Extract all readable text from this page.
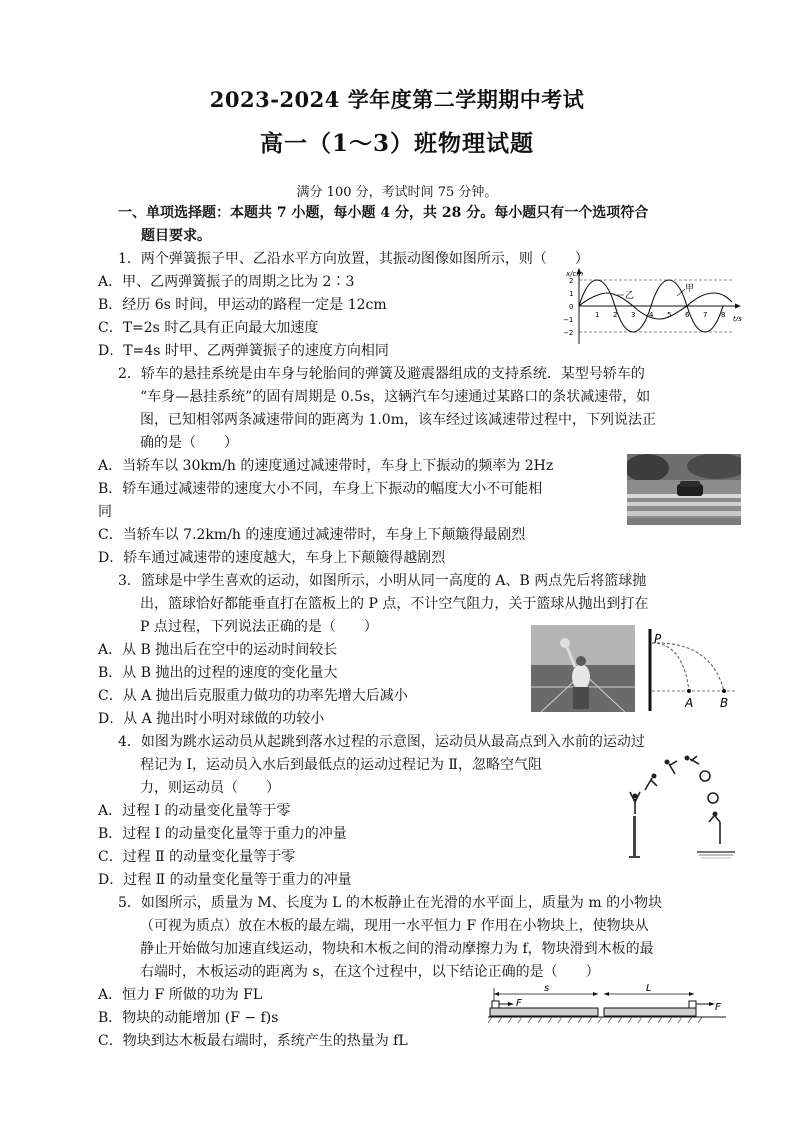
2023-2024 学年度第二学期期中考试
高一（1～3）班物理试题
满分 100 分，考试时间 75 分钟。
一、单项选择题：本题共 7 小题，每小题 4 分，共 28 分。每小题只有一个选项符合
题目要求。
1．两个弹簧振子甲、乙沿水平方向放置，其振动图像如图所示，则（　　）
A．甲、乙两弹簧振子的周期之比为 2∶3
B．经历 6s 时间，甲运动的路程一定是 12cm
C．T=2s 时乙具有正向最大加速度
D．T=4s 时甲、乙两弹簧振子的速度方向相同
x/cm
t/s
2
1
0
−1
−2
1 2 3 4 5 6 7 8
甲
乙
2．轿车的悬挂系统是由车身与轮胎间的弹簧及避震器组成的支持系统．某型号轿车的
“车身—悬挂系统”的固有周期是 0.5s，这辆汽车匀速通过某路口的条状减速带，如
图，已知相邻两条减速带间的距离为 1.0m，该车经过该减速带过程中，下列说法正
确的是（　　）
A．当轿车以 30km/h 的速度通过减速带时，车身上下振动的频率为 2Hz
B．轿车通过减速带的速度大小不同，车身上下振动的幅度大小不可能相
同
C．当轿车以 7.2km/h 的速度通过减速带时，车身上下颠簸得最剧烈
D．轿车通过减速带的速度越大，车身上下颠簸得越剧烈
3．篮球是中学生喜欢的运动，如图所示，小明从同一高度的 A、B 两点先后将篮球抛
出，篮球恰好都能垂直打在篮板上的 P 点，不计空气阻力，关于篮球从抛出到打在
P 点过程，下列说法正确的是（　　）
A．从 B 抛出后在空中的运动时间较长
B．从 B 抛出的过程的速度的变化量大
C．从 A 抛出后克服重力做功的功率先增大后减小
D．从 A 抛出时小明对球做的功较小
P
A B
4．如图为跳水运动员从起跳到落水过程的示意图，运动员从最高点到入水前的运动过
程记为 Ⅰ，运动员入水后到最低点的运动过程记为 Ⅱ，忽略空气阻
力，则运动员（　　）
A．过程 Ⅰ 的动量变化量等于零
B．过程 Ⅰ 的动量变化量等于重力的冲量
C．过程 Ⅱ 的动量变化量等于零
D．过程 Ⅱ 的动量变化量等于重力的冲量
5．如图所示，质量为 M、长度为 L 的木板静止在光滑的水平面上，质量为 m 的小物块
（可视为质点）放在木板的最左端，现用一水平恒力 F 作用在小物块上，使物块从
静止开始做匀加速直线运动，物块和木板之间的滑动摩擦力为 f，物块滑到木板的最
右端时，木板运动的距离为 s，在这个过程中，以下结论正确的是（　　）
A．恒力 F 所做的功为 FL
B．物块的动能增加 (F − f)s
C．物块到达木板最右端时，系统产生的热量为 fL
s	L
F	F
